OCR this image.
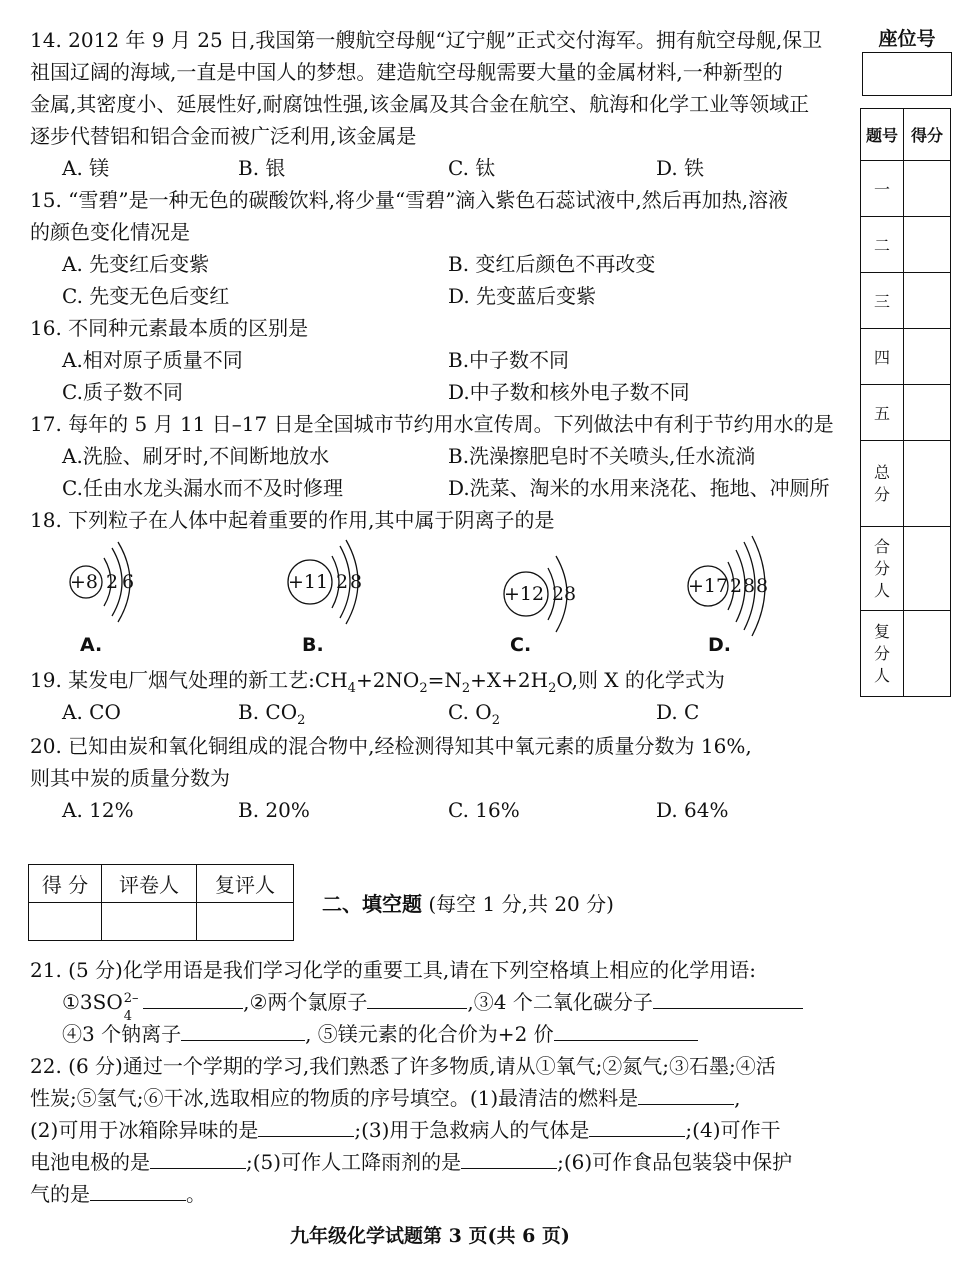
14. 2012 年 9 月 25 日,我国第一艘航空母舰“辽宁舰”正式交付海军。拥有航空母舰,保卫
祖国辽阔的海域,一直是中国人的梦想。建造航空母舰需要大量的金属材料,一种新型的
金属,其密度小、延展性好,耐腐蚀性强,该金属及其合金在航空、航海和化学工业等领域正
逐步代替铝和铝合金而被广泛利用,该金属是
A. 镁	B. 银	C. 钛	D. 铁
15. “雪碧”是一种无色的碳酸饮料,将少量“雪碧”滴入紫色石蕊试液中,然后再加热,溶液
的颜色变化情况是
A. 先变红后变紫	B. 变红后颜色不再改变
C. 先变无色后变红	D. 先变蓝后变紫
16. 不同种元素最本质的区别是
A.相对原子质量不同	B.中子数不同
C.质子数不同	D.中子数和核外电子数不同
17. 每年的 5 月 11 日–17 日是全国城市节约用水宣传周。下列做法中有利于节约用水的是
A.洗脸、刷牙时,不间断地放水	B.洗澡擦肥皂时不关喷头,任水流淌
C.任由水龙头漏水而不及时修理	D.洗菜、淘米的水用来浇花、拖地、冲厕所
18. 下列粒子在人体中起着重要的作用,其中属于阴离子的是
+8 2 6
A.
+11 2 8
B.
+12 2 8
C.
+17 2 8 8
D.
19. 某发电厂烟气处理的新工艺$:CH_4+2NO_2=N_2+X+2H_2O$,则 X 的化学式为
A. CO	B. $CO_2$	C. $O_2$	D. C
20. 已知由炭和氧化铜组成的混合物中,经检测得知其中氧元素的质量分数为 16%,
则其中炭的质量分数为
A. 12%	B. 20%	C. 16%	D. 64%
得 分	评卷人	复评人

二、填空题 (每空 1 分,共 20 分)
21. (5 分)化学用语是我们学习化学的重要工具,请在下列空格填上相应的化学用语:
①3SO 2–
4
,②两个氯原子	,③4 个二氧化碳分子
④3 个钠离子	, ⑤镁元素的化合价为+2 价
22. (6 分)通过一个学期的学习,我们熟悉了许多物质,请从①氧气;②氮气;③石墨;④活
性炭;⑤氢气;⑥干冰,选取相应的物质的序号填空。(1)最清洁的燃料是	,
(2)可用于冰箱除异味的是	;(3)用于急救病人的气体是	;(4)可作干
电池电极的是	;(5)可作人工降雨剂的是	;(6)可作食品包装袋中保护
气的是	。
九年级化学试题第 3 页(共 6 页)
座位号
题号	得分
一	
二	
三	
四	
五	
总分	
合分人	
复分人	
